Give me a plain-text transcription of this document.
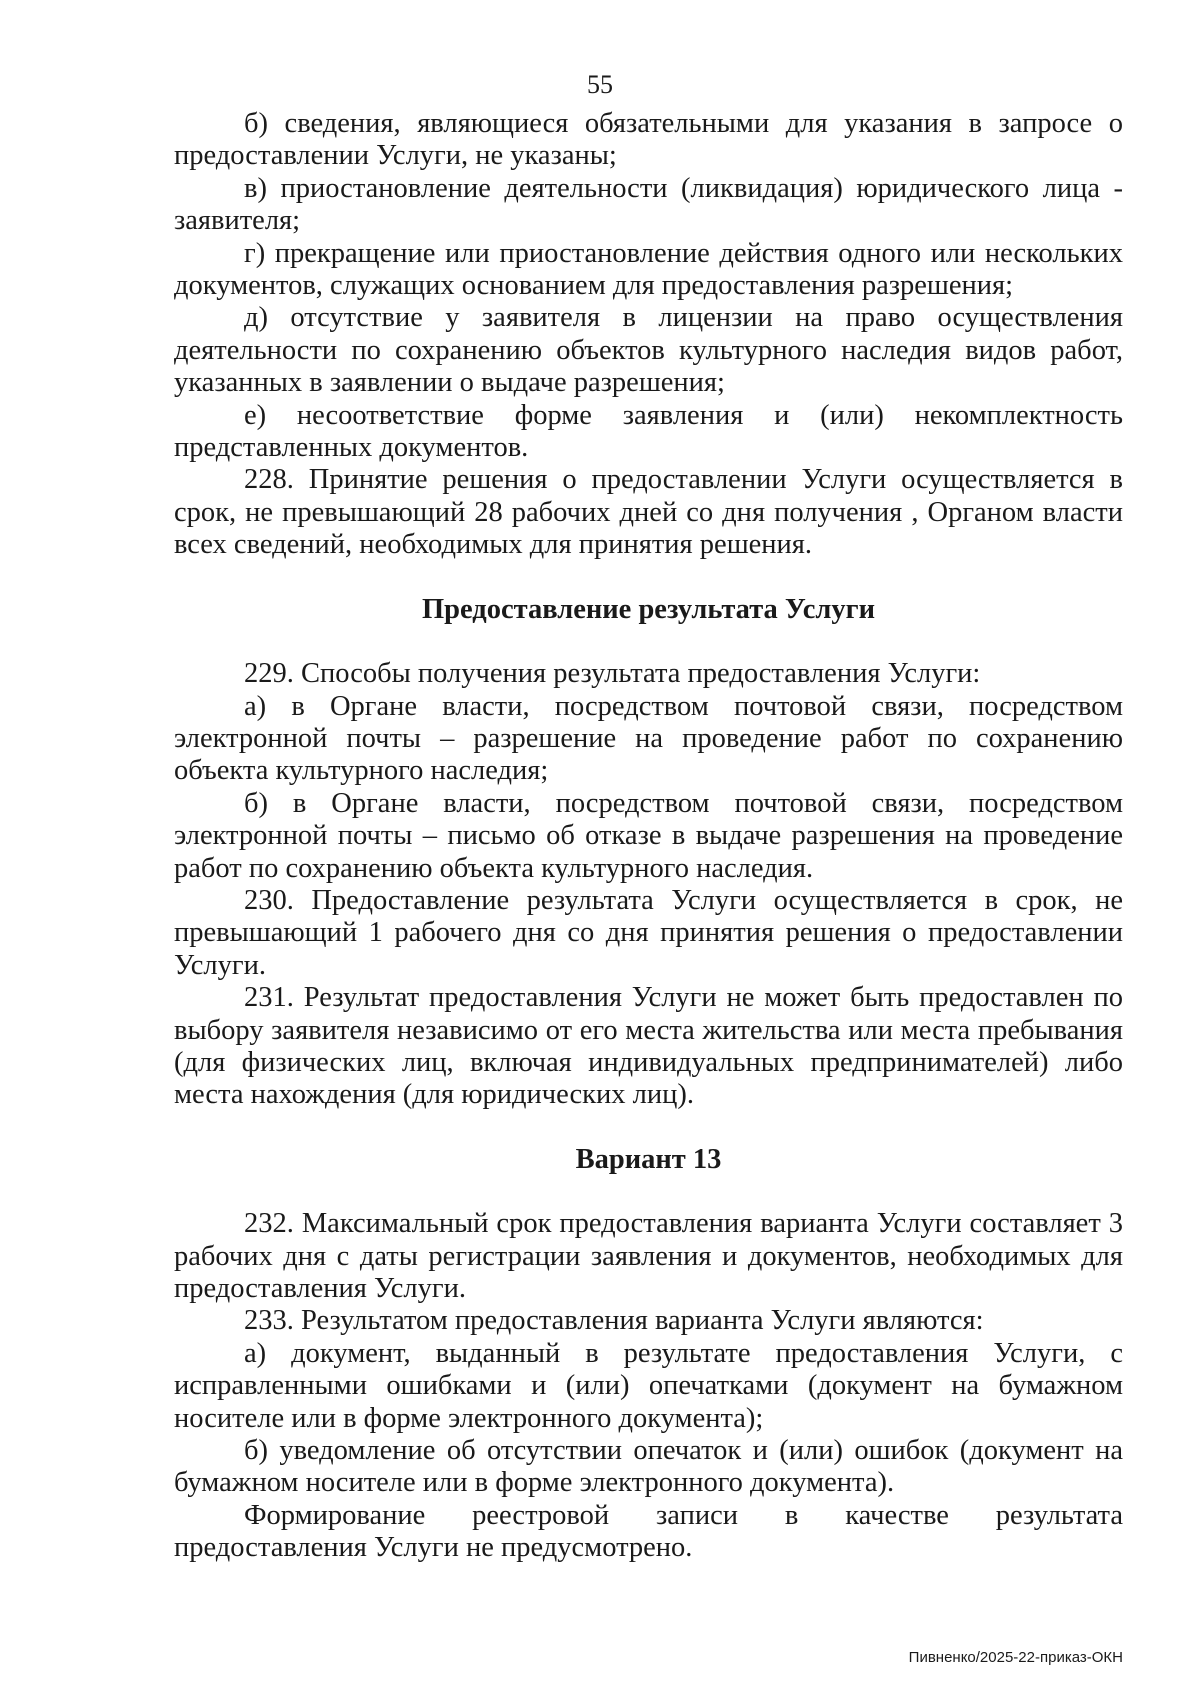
55

б) сведения, являющиеся обязательными для указания в запросе о предоставлении Услуги, не указаны;

в) приостановление деятельности (ликвидация) юридического лица - заявителя;

г) прекращение или приостановление действия одного или нескольких документов, служащих основанием для предоставления разрешения;

д) отсутствие у заявителя в лицензии на право осуществления деятельности по сохранению объектов культурного наследия видов работ, указанных в заявлении о выдаче разрешения;

е) несоответствие форме заявления и (или) некомплектность представленных документов.

228. Принятие решения о предоставлении Услуги осуществляется в срок, не превышающий 28 рабочих дней со дня получения , Органом власти всех сведений, необходимых для принятия решения.

Предоставление результата Услуги

229. Способы получения результата предоставления Услуги:

а) в Органе власти, посредством почтовой связи, посредством электронной почты – разрешение на проведение работ по сохранению объекта культурного наследия;

б) в Органе власти, посредством почтовой связи, посредством электронной почты – письмо об отказе в выдаче разрешения на проведение работ по сохранению объекта культурного наследия.

230. Предоставление результата Услуги осуществляется в срок, не превышающий 1 рабочего дня со дня принятия решения о предоставлении Услуги.

231. Результат предоставления Услуги не может быть предоставлен по выбору заявителя независимо от его места жительства или места пребывания (для физических лиц, включая индивидуальных предпринимателей) либо места нахождения (для юридических лиц).

Вариант 13

232. Максимальный срок предоставления варианта Услуги составляет 3 рабочих дня с даты регистрации заявления и документов, необходимых для предоставления Услуги.

233. Результатом предоставления варианта Услуги являются:

а) документ, выданный в результате предоставления Услуги, с исправленными ошибками и (или) опечатками (документ на бумажном носителе или в форме электронного документа);

б) уведомление об отсутствии опечаток и (или) ошибок (документ на бумажном носителе или в форме электронного документа).

Формирование реестровой записи в качестве результата предоставления Услуги не предусмотрено.

Пивненко/2025-22-приказ-ОКН
